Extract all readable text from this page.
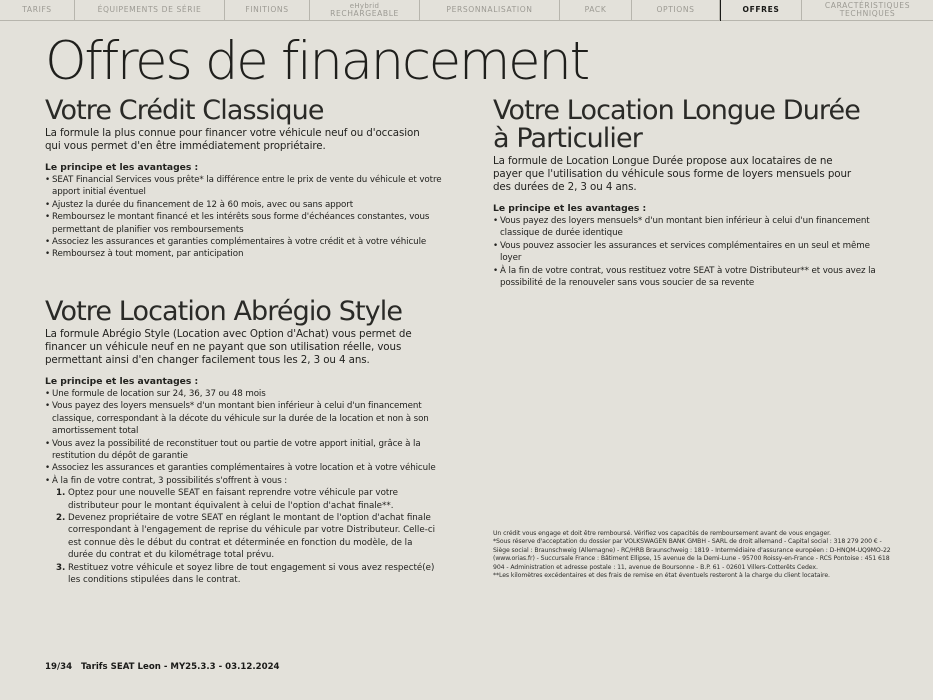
TARIFS	ÉQUIPEMENTS DE SÉRIE	FINITIONS	eHybrid
RECHARGEABLE	PERSONNALISATION	PACK	OPTIONS	OFFRES	CARACTÉRISTIQUES
TECHNIQUES
Offres de financement
Votre Crédit Classique

La formule la plus connue pour financer votre véhicule neuf ou d'occasion
qui vous permet d'en être immédiatement propriétaire.

Le principe et les avantages :

• SEAT Financial Services vous prête* la différence entre le prix de vente du véhicule et votre apport initial éventuel
• Ajustez la durée du financement de 12 à 60 mois, avec ou sans apport
• Remboursez le montant financé et les intérêts sous forme d'échéances constantes, vous permettant de planifier vos remboursements
• Associez les assurances et garanties complémentaires à votre crédit et à votre véhicule
• Remboursez à tout moment, par anticipation
Votre Location Abrégio Style

La formule Abrégio Style (Location avec Option d'Achat) vous permet de financer un véhicule neuf en ne payant que son utilisation réelle, vous permettant ainsi d'en changer facilement tous les 2, 3 ou 4 ans.

Le principe et les avantages :

• Une formule de location sur 24, 36, 37 ou 48 mois
• Vous payez des loyers mensuels* d'un montant bien inférieur à celui d'un financement classique, correspondant à la décote du véhicule sur la durée de la location et non à son amortissement total
• Vous avez la possibilité de reconstituer tout ou partie de votre apport initial, grâce à la restitution du dépôt de garantie
• Associez les assurances et garanties complémentaires à votre location et à votre véhicule
• À la fin de votre contrat, 3 possibilités s'offrent à vous :
1. Optez pour une nouvelle SEAT en faisant reprendre votre véhicule par votre distributeur pour le montant équivalent à celui de l'option d'achat finale**.
2. Devenez propriétaire de votre SEAT en réglant le montant de l'option d'achat finale correspondant à l'engagement de reprise du véhicule par votre Distributeur. Celle-ci est connue dès le début du contrat et déterminée en fonction du modèle, de la durée du contrat et du kilométrage total prévu.
3. Restituez votre véhicule et soyez libre de tout engagement si vous avez respecté(e) les conditions stipulées dans le contrat.
Votre Location Longue Durée
à Particulier

La formule de Location Longue Durée propose aux locataires de ne payer que l'utilisation du véhicule sous forme de loyers mensuels pour des durées de 2, 3 ou 4 ans.

Le principe et les avantages :

• Vous payez des loyers mensuels* d'un montant bien inférieur à celui d'un financement classique de durée identique
• Vous pouvez associer les assurances et services complémentaires en un seul et même loyer
• À la fin de votre contrat, vous restituez votre SEAT à votre Distributeur** et vous avez la possibilité de la renouveler sans vous soucier de sa revente

Un crédit vous engage et doit être remboursé. Vérifiez vos capacités de remboursement avant de vous engager.

*Sous réserve d'acceptation du dossier par VOLKSWAGEN BANK GMBH - SARL de droit allemand - Capital social : 318 279 200 € - Siège social : Braunschweig (Allemagne) - RC/HRB Braunschweig : 1819 - Intermédiaire d'assurance européen : D-HNQM-UQ9MO-22 (www.orias.fr) - Succursale France : Bâtiment Ellipse, 15 avenue de la Demi-Lune - 95700 Roissy-en-France - RCS Pontoise : 451 618 904 - Administration et adresse postale : 11, avenue de Boursonne - B.P. 61 - 02601 Villers-Cotterêts Cedex.

**Les kilomètres excédentaires et des frais de remise en état éventuels resteront à la charge du client locataire.

19/34 Tarifs SEAT Leon - MY25.3.3 - 03.12.2024
